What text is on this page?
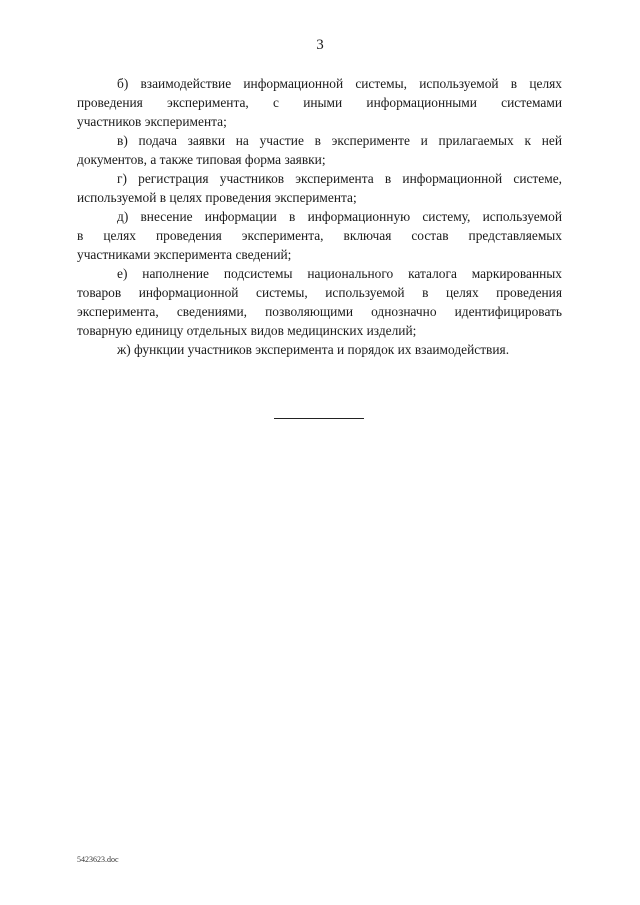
3

б) взаимодействие информационной системы, используемой в целях
проведения эксперимента, с иными информационными системами
участников эксперимента;

в) подача заявки на участие в эксперименте и прилагаемых к ней
документов, а также типовая форма заявки;

г) регистрация участников эксперимента в информационной системе,
используемой в целях проведения эксперимента;

д) внесение информации в информационную систему, используемой
в целях проведения эксперимента, включая состав представляемых
участниками эксперимента сведений;

е) наполнение подсистемы национального каталога маркированных
товаров информационной системы, используемой в целях проведения
эксперимента, сведениями, позволяющими однозначно идентифицировать
товарную единицу отдельных видов медицинских изделий;

ж) функции участников эксперимента и порядок их взаимодействия.

5423623.doc
